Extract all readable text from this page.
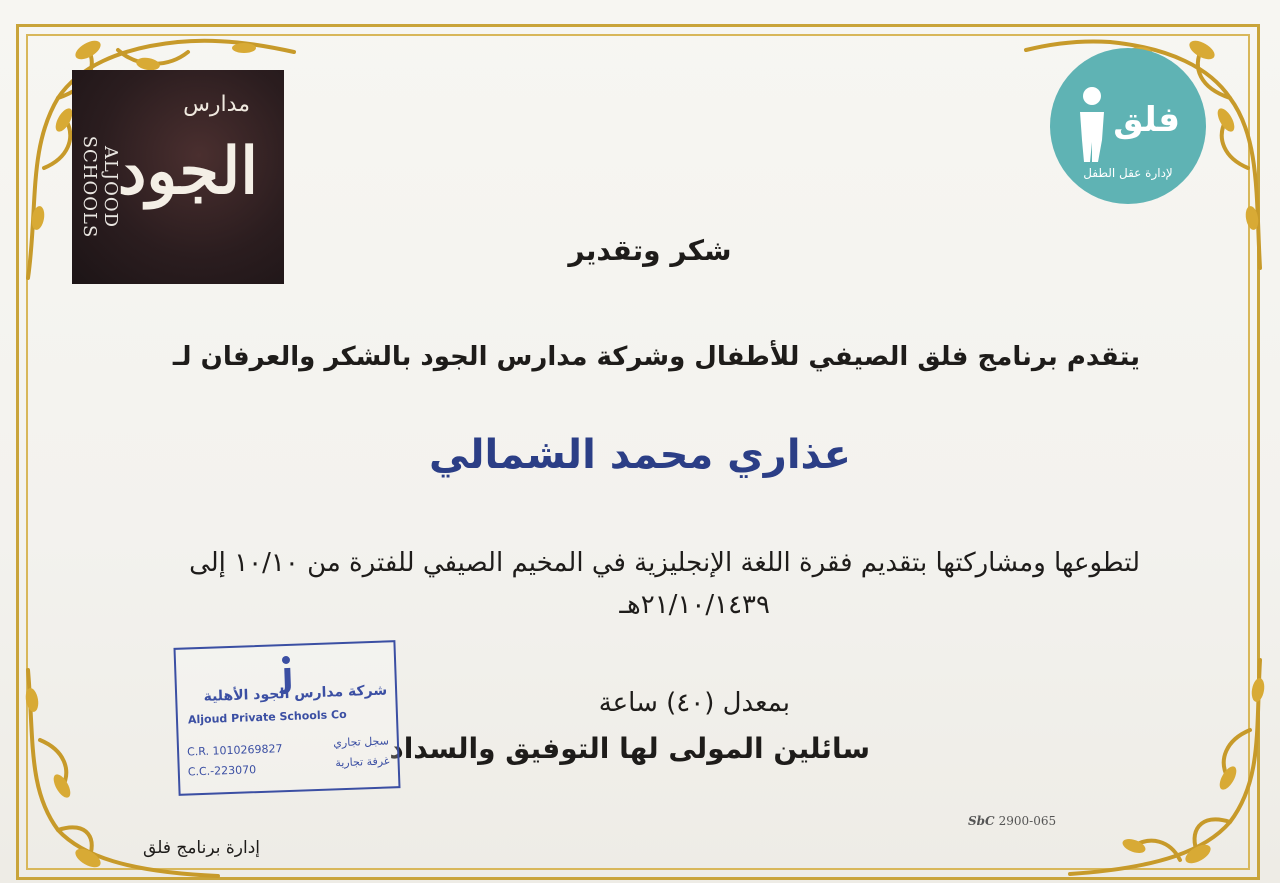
مدارس
الجود
ALJOOD SCHOOLS
فلق
لإدارة عقل الطفل
شكر وتقدير
يتقدم برنامج فلق الصيفي للأطفال وشركة مدارس الجود بالشكر والعرفان لـ
عذاري محمد الشمالي
لتطوعها ومشاركتها بتقديم فقرة اللغة الإنجليزية في المخيم الصيفي للفترة من ١٠/١٠ إلى
٢١/١٠/١٤٣٩هـ
بمعدل (٤٠) ساعة
سائلين المولى لها التوفيق والسداد
إدارة برنامج فلق
شركة مدارس الجود الأهلية
Aljoud Private Schools Co
C.R. 1010269827
C.C.-223070
سجل تجاري
غرفة تجارية
SbC 2900-065
